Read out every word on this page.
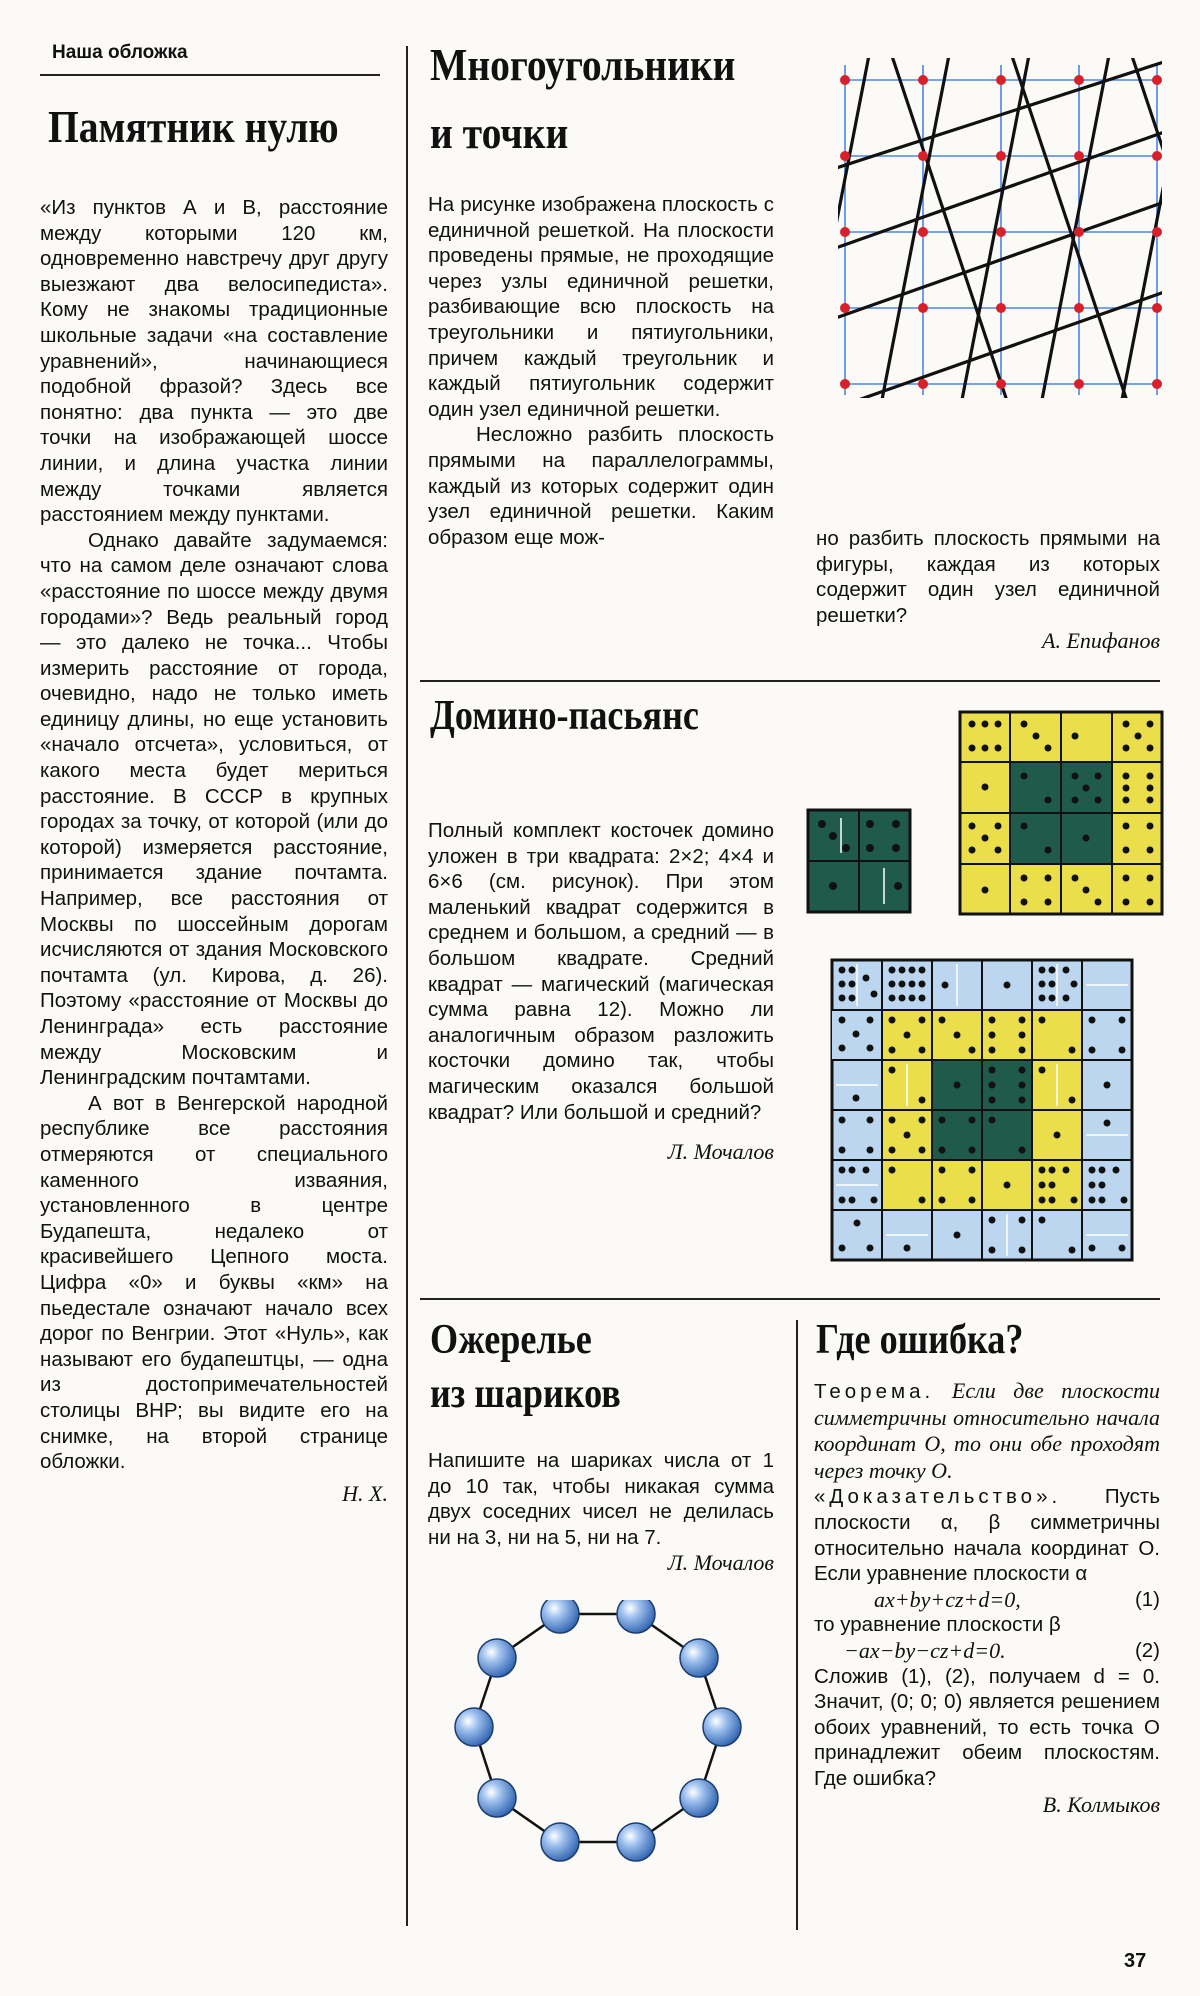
Наша обложка
Памятник нулю

«Из пунктов А и В, расстояние между которыми 120 км, одновременно навстречу друг другу выезжают два велосипедиста». Кому не знакомы традиционные школьные задачи «на составление уравнений», начинающиеся подобной фразой? Здесь все понятно: два пункта — это две точки на изображающей шоссе линии, и длина участка линии между точками является расстоянием между пунктами.

Однако давайте задумаемся: что на самом деле означают слова «расстояние по шоссе между двумя городами»? Ведь реальный город — это далеко не точка... Чтобы измерить расстояние от города, очевидно, надо не только иметь единицу длины, но еще установить «начало отсчета», условиться, от какого места будет мериться расстояние. В СССР в крупных городах за точку, от которой (или до которой) измеряется расстояние, принимается здание почтамта. Например, все расстояния от Москвы по шоссейным дорогам исчисляются от здания Московского почтамта (ул. Кирова, д. 26). Поэтому «расстояние от Москвы до Ленинграда» есть расстояние между Московским и Ленинградским почтамтами.

А вот в Венгерской народной республике все расстояния отмеряются от специального каменного изваяния, установленного в центре Будапешта, недалеко от красивейшего Цепного моста. Цифра «0» и буквы «км» на пьедестале означают начало всех дорог по Венгрии. Этот «Нуль», как называют его будапештцы, — одна из достопримечательностей столицы ВНР; вы видите его на снимке, на второй странице обложки.

Н. Х.
Многоугольники
и точки

На рисунке изображена плоскость с единичной решеткой. На плоскости проведены прямые, не проходящие через узлы единичной решетки, разбивающие всю плоскость на треугольники и пятиугольники, причем каждый треугольник и каждый пятиугольник содержит один узел единичной решетки.

Несложно разбить плоскость прямыми на параллелограммы, каждый из которых содержит один узел единичной решетки. Каким образом еще мож-	но разбить плоскость прямыми на фигуры, каждая из которых содержит один узел единичной решетки?

А. Епифанов
Домино-пасьянс

Полный комплект косточек домино уложен в три квадрата: 2×2; 4×4 и 6×6 (см. рисунок). При этом маленький квадрат содержится в среднем и большом, а средний — в большом квадрате. Средний квадрат — магический (магическая сумма равна 12). Можно ли аналогичным образом разложить косточки домино так, чтобы магическим оказался большой квадрат? Или большой и средний?

Л. Мочалов
Ожерелье
из шариков

Напишите на шариках числа от 1 до 10 так, чтобы никакая сумма двух соседних чисел не делилась ни на 3, ни на 5, ни на 7.

Л. Мочалов
Где ошибка?

Теорема. Если две плоскости симметричны относительно начала координат O, то они обе проходят через точку O.

«Доказательство». Пусть плоскости α, β симметричны относительно начала координат O. Если уравнение плоскости α

ax+by+cz+d=0,	(1)

то уравнение плоскости β

−ax−by−cz+d=0.	(2)

Сложив (1), (2), получаем d = 0. Значит, (0; 0; 0) является решением обоих уравнений, то есть точка O принадлежит обеим плоскостям. Где ошибка?

В. Колмыков
37
